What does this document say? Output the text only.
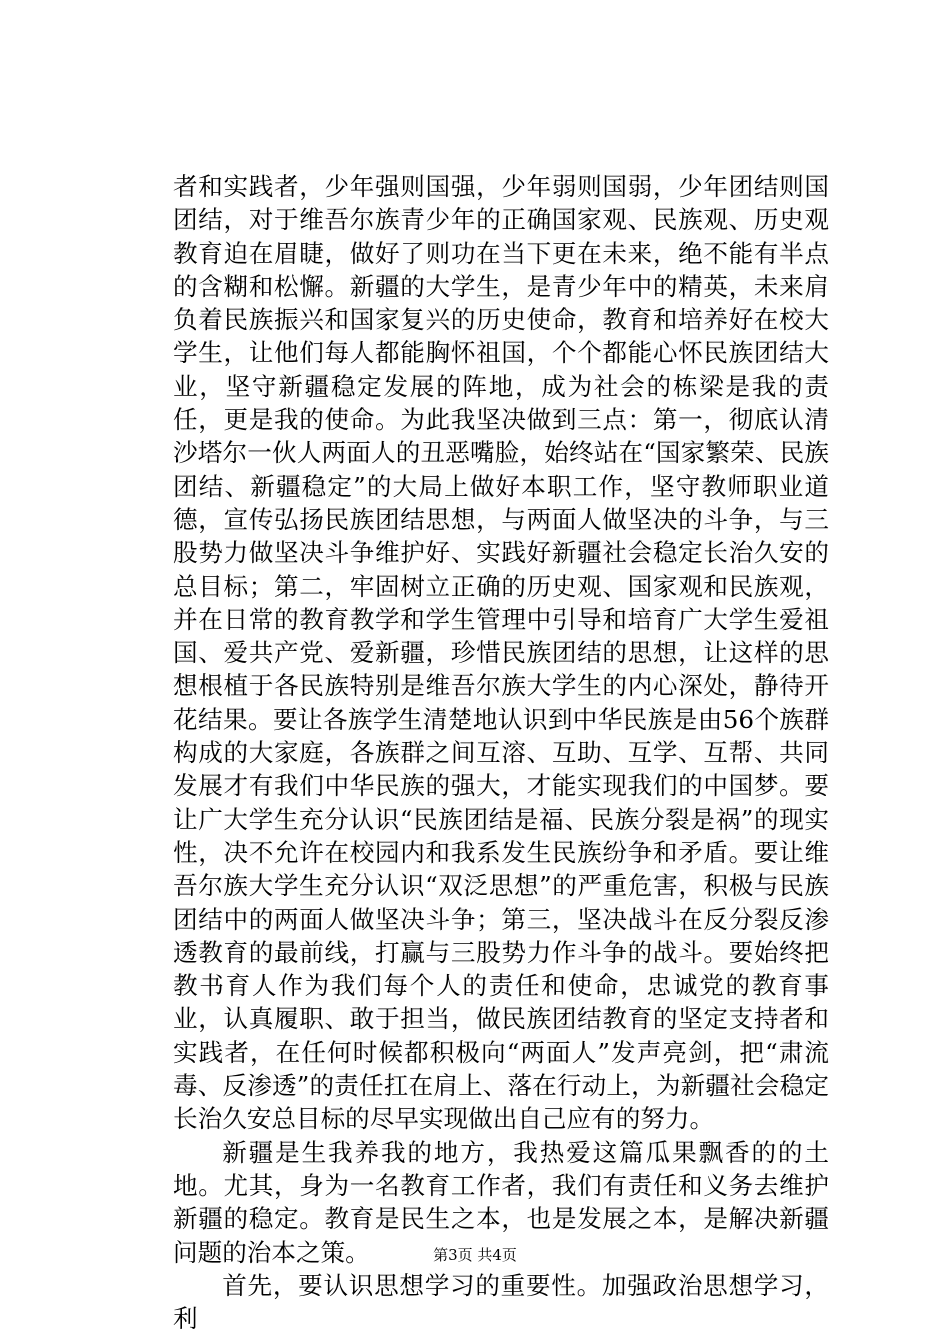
者和实践者，少年强则国强，少年弱则国弱，少年团结则国团结，对于维吾尔族青少年的正确国家观、民族观、历史观教育迫在眉睫，做好了则功在当下更在未来，绝不能有半点的含糊和松懈。新疆的大学生，是青少年中的精英，未来肩负着民族振兴和国家复兴的历史使命，教育和培养好在校大学生，让他们每人都能胸怀祖国，个个都能心怀民族团结大业，坚守新疆稳定发展的阵地，成为社会的栋梁是我的责任，更是我的使命。为此我坚决做到三点：第一，彻底认清沙塔尔一伙人两面人的丑恶嘴脸，始终站在“国家繁荣、民族团结、新疆稳定”的大局上做好本职工作，坚守教师职业道德，宣传弘扬民族团结思想，与两面人做坚决的斗争，与三股势力做坚决斗争维护好、实践好新疆社会稳定长治久安的总目标；第二，牢固树立正确的历史观、国家观和民族观，并在日常的教育教学和学生管理中引导和培育广大学生爱祖国、爱共产党、爱新疆，珍惜民族团结的思想，让这样的思想根植于各民族特别是维吾尔族大学生的内心深处，静待开花结果。要让各族学生清楚地认识到中华民族是由56个族群构成的大家庭，各族群之间互溶、互助、互学、互帮、共同发展才有我们中华民族的强大，才能实现我们的中国梦。要让广大学生充分认识“民族团结是福、民族分裂是祸”的现实性，决不允许在校园内和我系发生民族纷争和矛盾。要让维吾尔族大学生充分认识“双泛思想”的严重危害，积极与民族团结中的两面人做坚决斗争；第三，坚决战斗在反分裂反渗透教育的最前线，打赢与三股势力作斗争的战斗。要始终把教书育人作为我们每个人的责任和使命，忠诚党的教育事业，认真履职、敢于担当，做民族团结教育的坚定支持者和实践者，在任何时候都积极向“两面人”发声亮剑，把“肃流毒、反渗透”的责任扛在肩上、落在行动上，为新疆社会稳定长治久安总目标的尽早实现做出自己应有的努力。

新疆是生我养我的地方，我热爱这篇瓜果飘香的的土地。尤其，身为一名教育工作者，我们有责任和义务去维护新疆的稳定。教育是民生之本，也是发展之本，是解决新疆问题的治本之策。

首先，要认识思想学习的重要性。加强政治思想学习，利

第3页 共4页
